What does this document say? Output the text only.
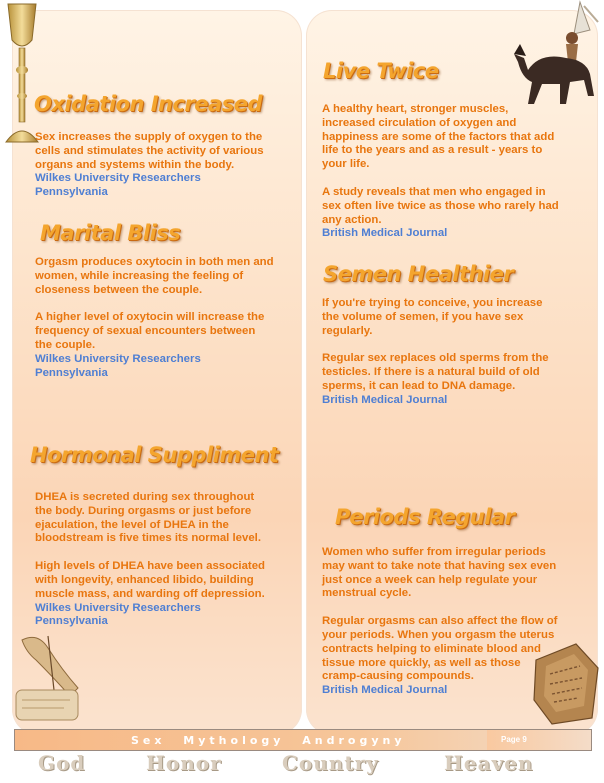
Oxidation Increased

Sex increases the supply of oxygen to the

cells and stimulates the activity of various

organs and systems within the body.

Wilkes University Researchers

Pennsylvania

Marital Bliss

Orgasm produces oxytocin in both men and

women, while increasing the feeling of

closeness between the couple.

A higher level of oxytocin will increase the

frequency of sexual encounters between

the couple.

Wilkes University Researchers

Pennsylvania

Hormonal Suppliment

DHEA is secreted during sex throughout

the body. During orgasms or just before

ejaculation, the level of DHEA in the

bloodstream is five times its normal level.

High levels of DHEA have been associated

with longevity, enhanced libido, building

muscle mass, and warding off depression.

Wilkes University Researchers

Pennsylvania

Live Twice

A healthy heart, stronger muscles,

increased circulation of oxygen and

happiness are some of the factors that add

life to the years and as a result - years to

your life.

A study reveals that men who engaged in

sex often live twice as those who rarely had

any action.

British Medical Journal

Semen Healthier

If you're trying to conceive, you increase

the volume of semen, if you have sex

regularly.

Regular sex replaces old sperms from the

testicles. If there is a natural build of old

sperms, it can lead to DNA damage.

British Medical Journal

Periods Regular

Women who suffer from irregular periods

may want to take note that having sex even

just once a week can help regulate your

menstrual cycle.

Regular orgasms can also affect the flow of

your periods. When you orgasm the uterus

contracts helping to eliminate blood and

tissue more quickly, as well as those

cramp-causing compounds.

British Medical Journal

Sex Mythology Androgyny	Page 9
God	Honor	Country	Heaven
